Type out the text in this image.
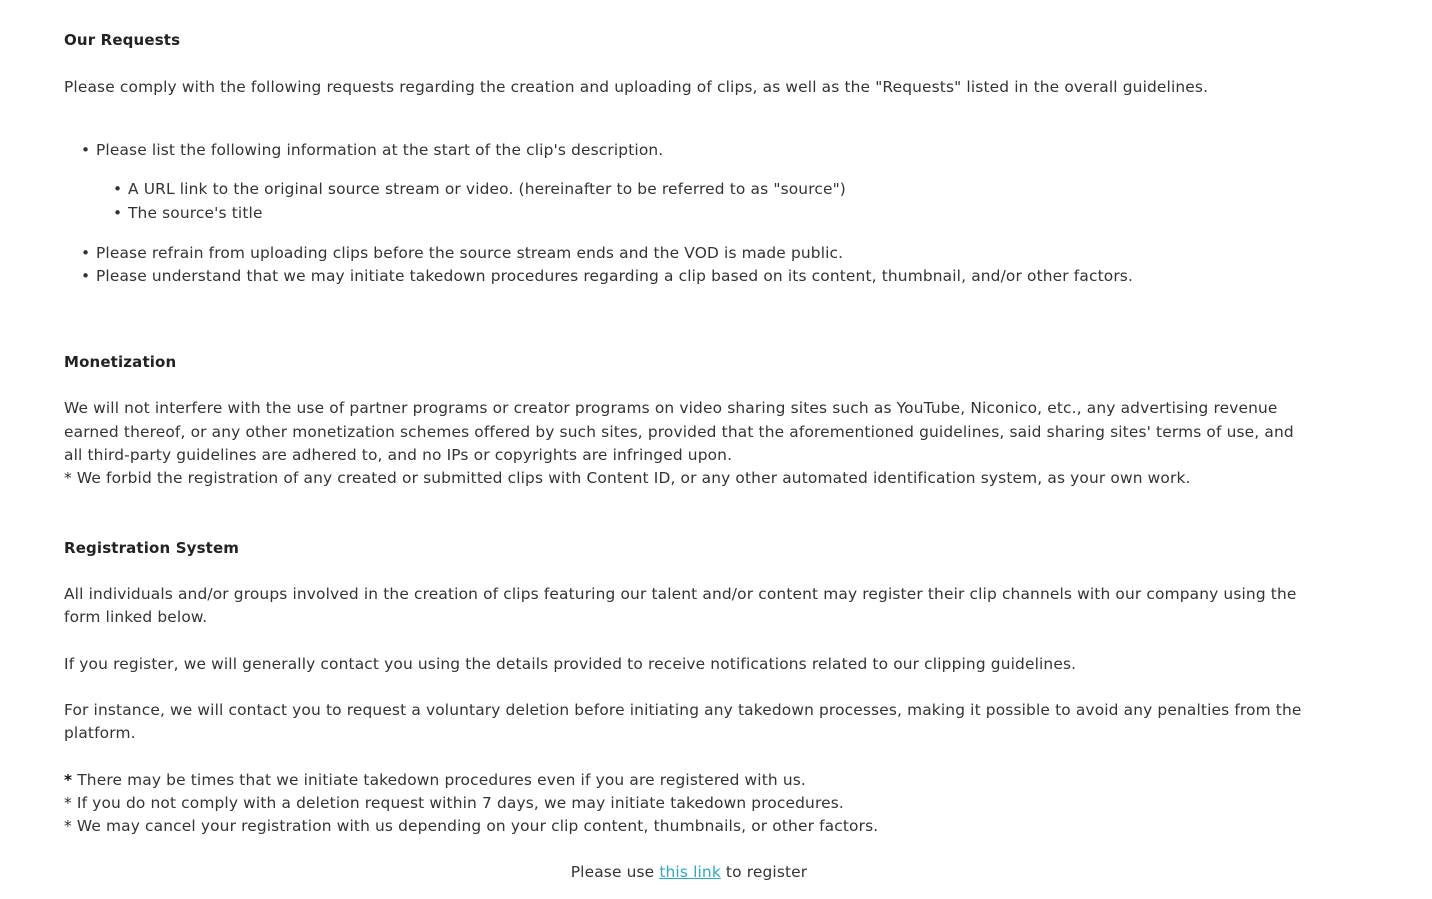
Our Requests
Please comply with the following requests regarding the creation and uploading of clips, as well as the "Requests" listed in the overall guidelines.
• Please list the following information at the start of the clip's description.
• A URL link to the original source stream or video. (hereinafter to be referred to as "source")
• The source's title
• Please refrain from uploading clips before the source stream ends and the VOD is made public.
• Please understand that we may initiate takedown procedures regarding a clip based on its content, thumbnail, and/or other factors.
Monetization
We will not interfere with the use of partner programs or creator programs on video sharing sites such as YouTube, Niconico, etc., any advertising revenue
earned thereof, or any other monetization schemes offered by such sites, provided that the aforementioned guidelines, said sharing sites' terms of use, and
all third-party guidelines are adhered to, and no IPs or copyrights are infringed upon.
* We forbid the registration of any created or submitted clips with Content ID, or any other automated identification system, as your own work.
Registration System
All individuals and/or groups involved in the creation of clips featuring our talent and/or content may register their clip channels with our company using the
form linked below.
If you register, we will generally contact you using the details provided to receive notifications related to our clipping guidelines.
For instance, we will contact you to request a voluntary deletion before initiating any takedown processes, making it possible to avoid any penalties from the
platform.
* There may be times that we initiate takedown procedures even if you are registered with us.
* If you do not comply with a deletion request within 7 days, we may initiate takedown procedures.
* We may cancel your registration with us depending on your clip content, thumbnails, or other factors.
Please use this link to register
